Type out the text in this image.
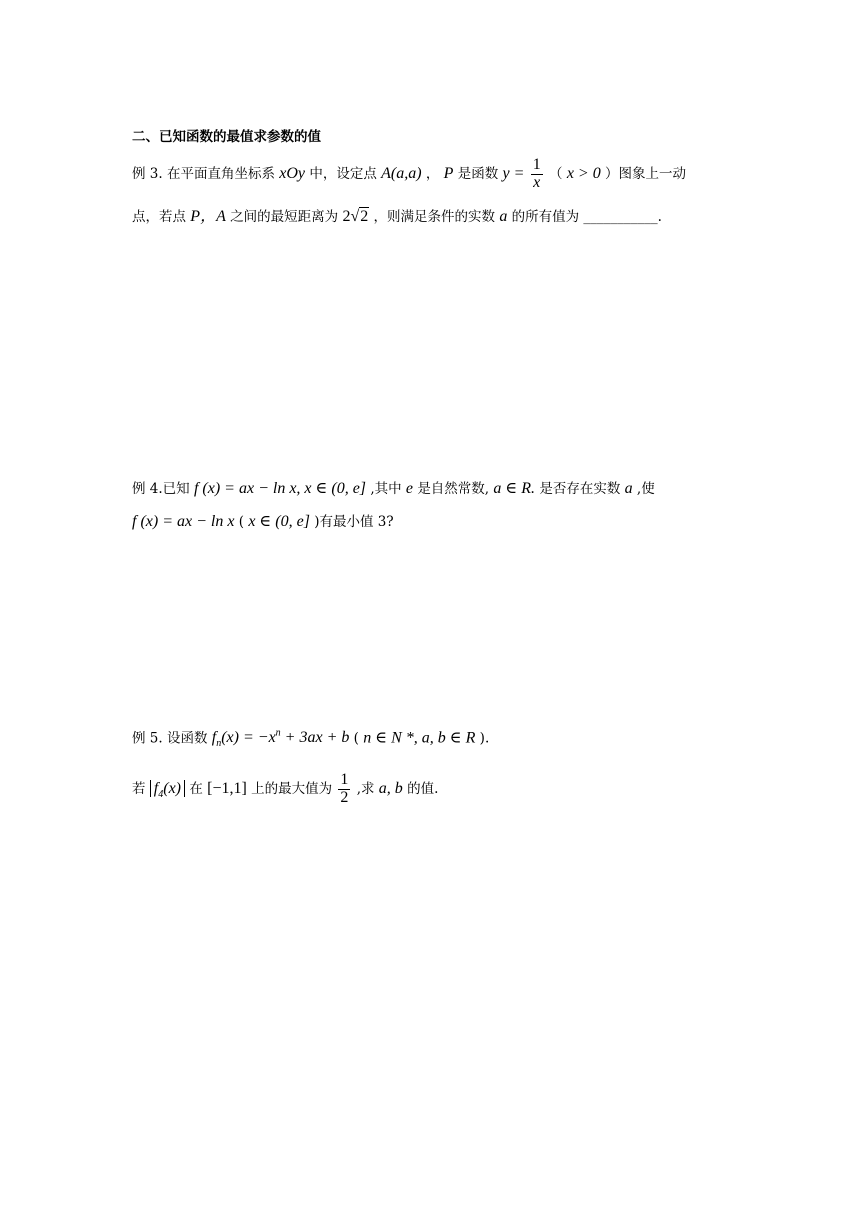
二、已知函数的最值求参数的值
例 3. 在平面直角坐标系 xOy 中，设定点 A(a,a) ， P 是函数 $y = \frac{1}{x}$ （ x > 0 ）图象上一动
点，若点 P，A 之间的最短距离为 2√2 ，则满足条件的实数 a 的所有值为 ___________.
例 4.已知 f (x) = ax − ln x, x ∈ (0, e] ,其中 e 是自然常数, a ∈ R. 是否存在实数 a ,使
f (x) = ax − ln x ( x ∈ (0, e] )有最小值 3?
例 5. 设函数 $f_n(x) = -x^n + 3ax + b$ ( n ∈ N *, a, b ∈ R ).
若 $f_4(x)$ 在 [−1,1] 上的最大值为 $\frac{1}{2}$ ,求 a, b 的值.
